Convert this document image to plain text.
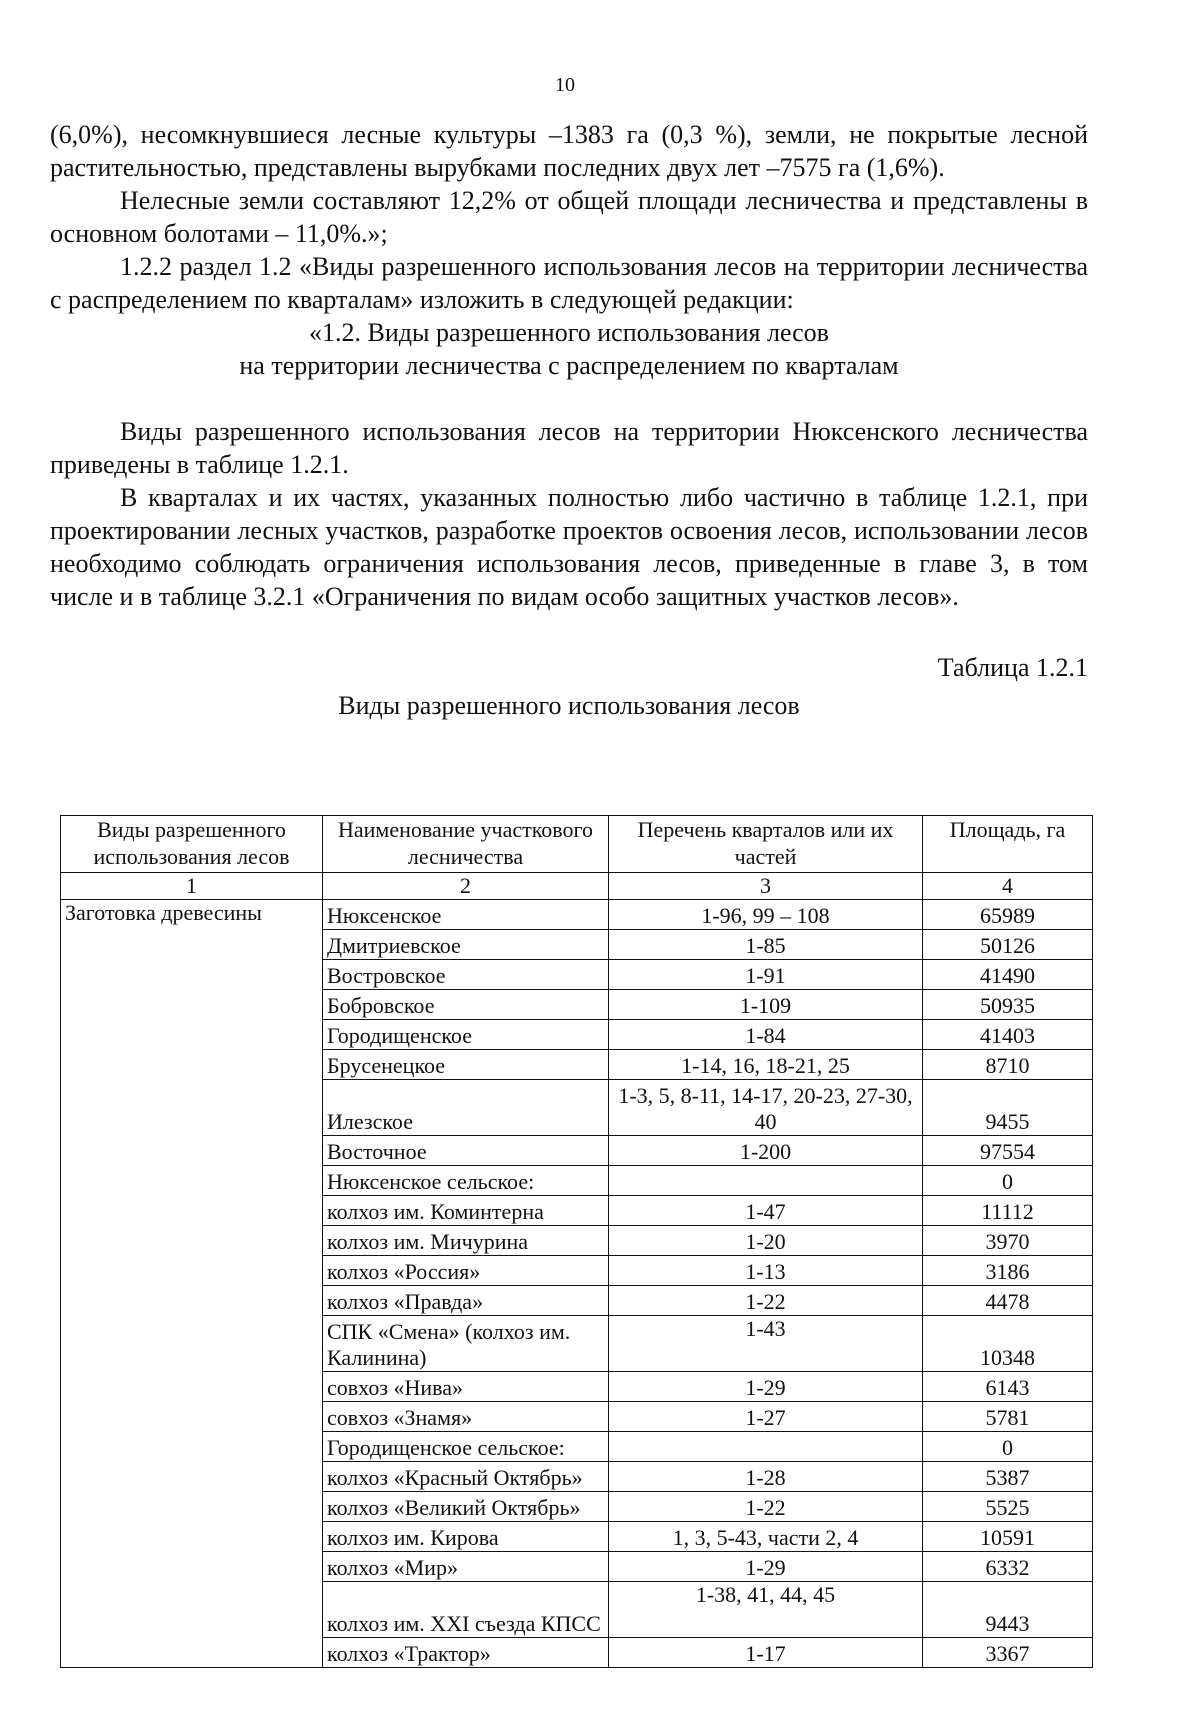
10

(6,0%), несомкнувшиеся лесные культуры –1383 га (0,3 %), земли, не покрытые лесной растительностью, представлены вырубками последних двух лет –7575 га (1,6%).

Нелесные земли составляют 12,2% от общей площади лесничества и представлены в основном болотами – 11,0%.»;

1.2.2 раздел 1.2 «Виды разрешенного использования лесов на территории лесничества с распределением по кварталам» изложить в следующей редакции:

«1.2. Виды разрешенного использования лесов

на территории лесничества с распределением по кварталам

Виды разрешенного использования лесов на территории Нюксенского лесничества приведены в таблице 1.2.1.

В кварталах и их частях, указанных полностью либо частично в таблице 1.2.1, при проектировании лесных участков, разработке проектов освоения лесов, использовании лесов необходимо соблюдать ограничения использования лесов, приведенные в главе 3, в том числе и в таблице 3.2.1 «Ограничения по видам особо защитных участков лесов».

Таблица 1.2.1

Виды разрешенного использования лесов

Виды разрешенного использования лесов	Наименование участкового лесничества	Перечень кварталов или их частей	Площадь, га
1	2	3	4
Заготовка древесины	Нюксенское	1-96, 99 – 108	65989
	Дмитриевское	1-85	50126
	Востровское	1-91	41490
	Бобровское	1-109	50935
	Городищенское	1-84	41403
	Брусенецкое	1-14, 16, 18-21, 25	8710
	Илезское	1-3, 5, 8-11, 14-17, 20-23, 27-30, 40	9455
	Восточное	1-200	97554
	Нюксенское сельское:		0
	колхоз им. Коминтерна	1-47	11112
	колхоз им. Мичурина	1-20	3970
	колхоз «Россия»	1-13	3186
	колхоз «Правда»	1-22	4478
	СПК «Смена» (колхоз им. Калинина)	1-43	10348
	совхоз «Нива»	1-29	6143
	совхоз «Знамя»	1-27	5781
	Городищенское сельское:		0
	колхоз «Красный Октябрь»	1-28	5387
	колхоз «Великий Октябрь»	1-22	5525
	колхоз им. Кирова	1, 3, 5-43, части 2, 4	10591
	колхоз «Мир»	1-29	6332
	колхоз им. XXI съезда КПСС	1-38, 41, 44, 45	9443
	колхоз «Трактор»	1-17	3367
